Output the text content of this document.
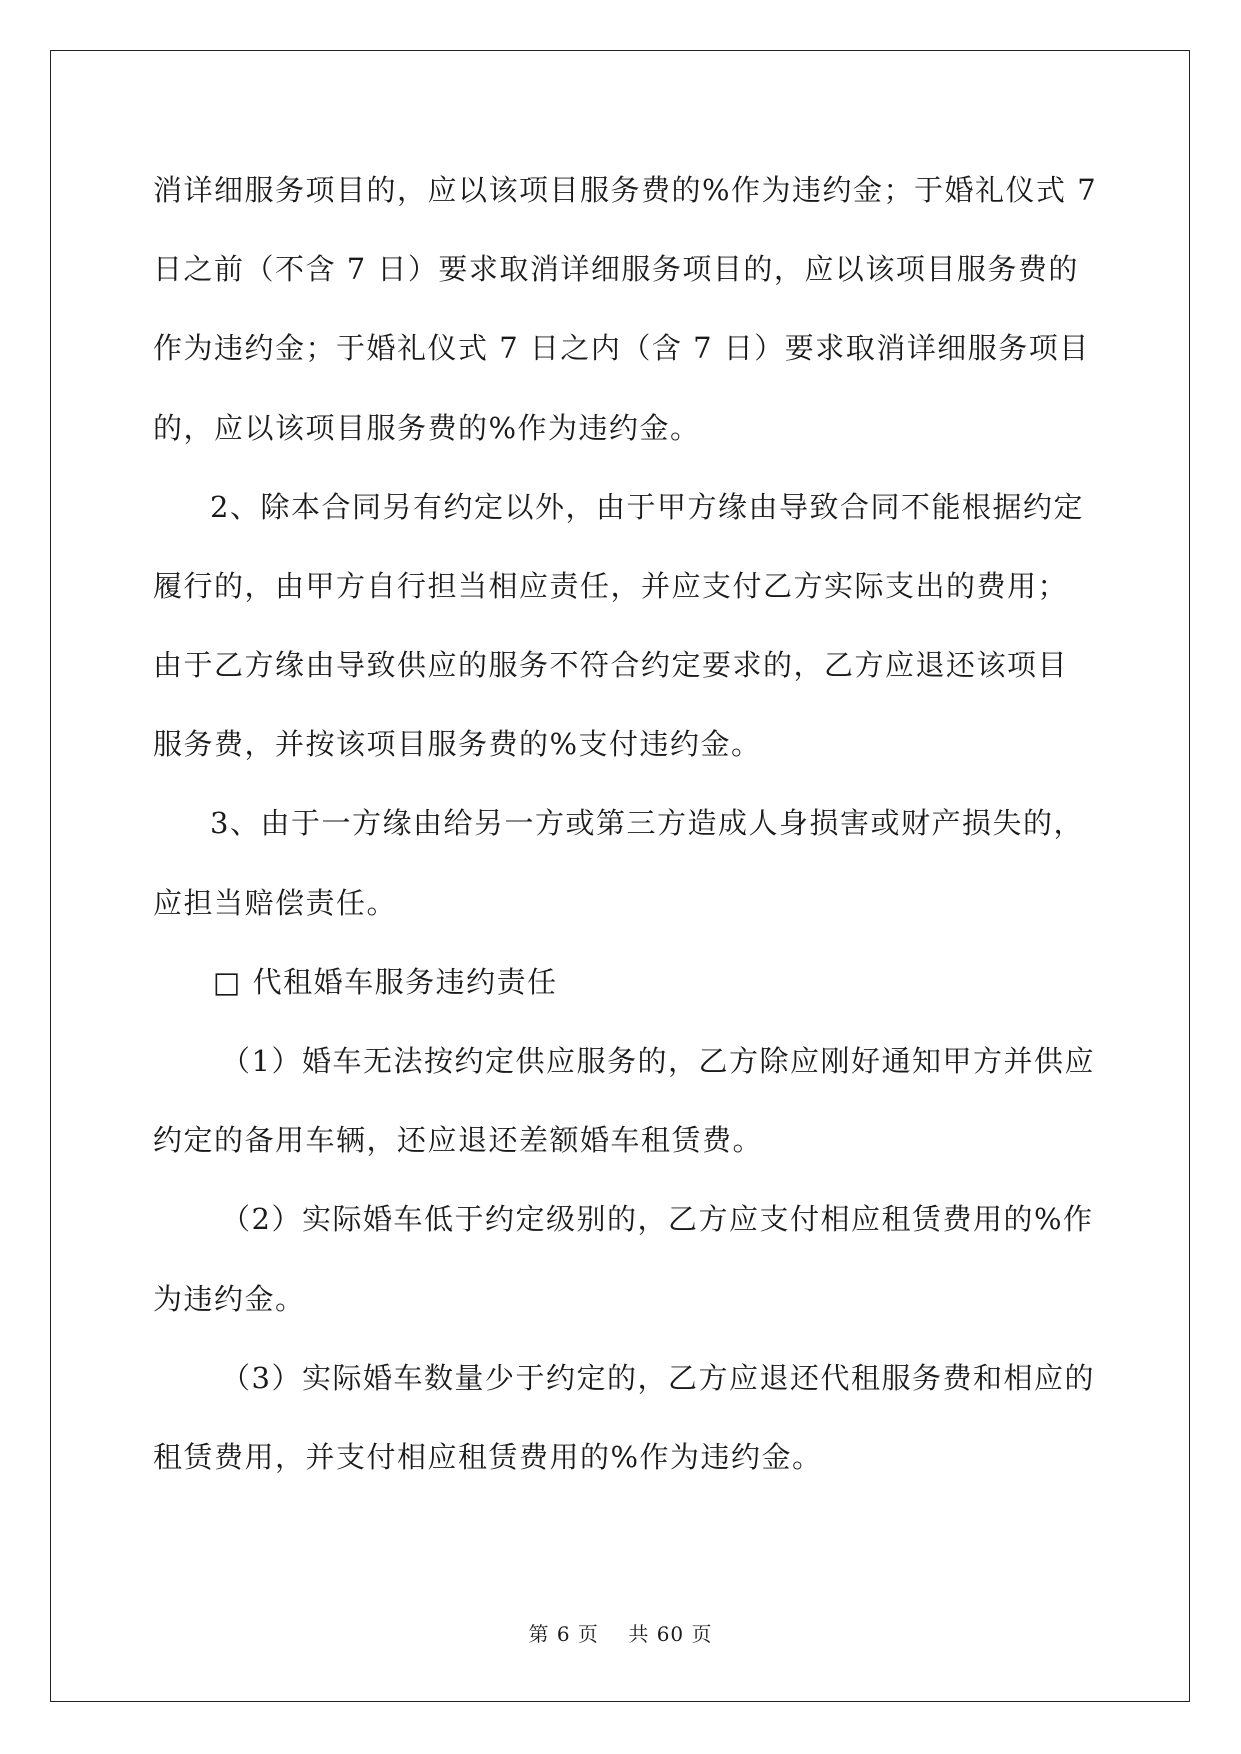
消详细服务项目的，应以该项目服务费的%作为违约金；于婚礼仪式 7
日之前（不含 7 日）要求取消详细服务项目的，应以该项目服务费的
作为违约金；于婚礼仪式 7 日之内（含 7 日）要求取消详细服务项目
的，应以该项目服务费的%作为违约金。
2、除本合同另有约定以外，由于甲方缘由导致合同不能根据约定
履行的，由甲方自行担当相应责任，并应支付乙方实际支出的费用；
由于乙方缘由导致供应的服务不符合约定要求的，乙方应退还该项目
服务费，并按该项目服务费的%支付违约金。
3、由于一方缘由给另一方或第三方造成人身损害或财产损失的，
应担当赔偿责任。
□ 代租婚车服务违约责任
（1）婚车无法按约定供应服务的，乙方除应刚好通知甲方并供应
约定的备用车辆，还应退还差额婚车租赁费。
（2）实际婚车低于约定级别的，乙方应支付相应租赁费用的%作
为违约金。
（3）实际婚车数量少于约定的，乙方应退还代租服务费和相应的
租赁费用，并支付相应租赁费用的%作为违约金。
第 6 页    共 60 页
